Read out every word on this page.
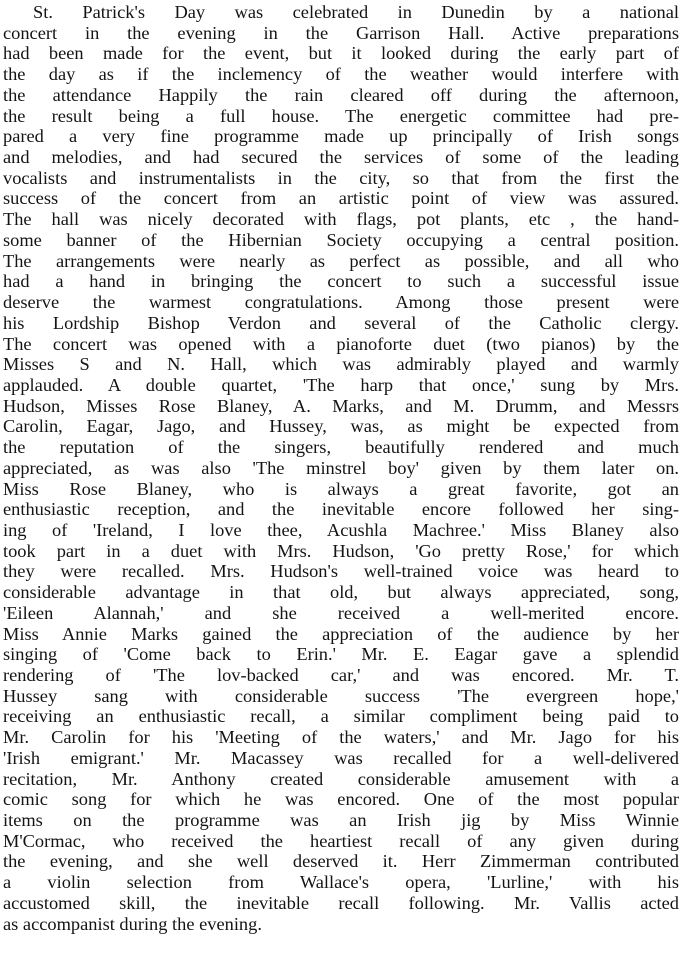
St. Patrick's Day was celebrated in Dunedin by a national
concert in the evening in the Garrison Hall. Active preparations
had been made for the event, but it looked during the early part of
the day as if the inclemency of the weather would interfere with
the attendance Happily the rain cleared off during the afternoon,
the result being a full house. The energetic committee had pre-
pared a very fine programme made up principally of Irish songs
and melodies, and had secured the services of some of the leading
vocalists and instrumentalists in the city, so that from the first the
success of the concert from an artistic point of view was assured.
The hall was nicely decorated with flags, pot plants, etc , the hand-
some banner of the Hibernian Society occupying a central position.
The arrangements were nearly as perfect as possible, and all who
had a hand in bringing the concert to such a successful issue
deserve the warmest congratulations. Among those present were
his Lordship Bishop Verdon and several of the Catholic clergy.
The concert was opened with a pianoforte duet (two pianos) by the
Misses S and N. Hall, which was admirably played and warmly
applauded. A double quartet, 'The harp that once,' sung by Mrs.
Hudson, Misses Rose Blaney, A. Marks, and M. Drumm, and Messrs
Carolin, Eagar, Jago, and Hussey, was, as might be expected from
the reputation of the singers, beautifully rendered and much
appreciated, as was also 'The minstrel boy' given by them later on.
Miss Rose Blaney, who is always a great favorite, got an
enthusiastic reception, and the inevitable encore followed her sing-
ing of 'Ireland, I love thee, Acushla Machree.' Miss Blaney also
took part in a duet with Mrs. Hudson, 'Go pretty Rose,' for which
they were recalled. Mrs. Hudson's well-trained voice was heard to
considerable advantage in that old, but always appreciated, song,
'Eileen Alannah,' and she received a well-merited encore.
Miss Annie Marks gained the appreciation of the audience by her
singing of 'Come back to Erin.' Mr. E. Eagar gave a splendid
rendering of 'The lov-backed car,' and was encored. Mr. T.
Hussey sang with considerable success 'The evergreen hope,'
receiving an enthusiastic recall, a similar compliment being paid to
Mr. Carolin for his 'Meeting of the waters,' and Mr. Jago for his
'Irish emigrant.' Mr. Macassey was recalled for a well-delivered
recitation, Mr. Anthony created considerable amusement with a
comic song for which he was encored. One of the most popular
items on the programme was an Irish jig by Miss Winnie
M'Cormac, who received the heartiest recall of any given during
the evening, and she well deserved it. Herr Zimmerman contributed
a violin selection from Wallace's opera, 'Lurline,' with his
accustomed skill, the inevitable recall following. Mr. Vallis acted
as accompanist during the evening.
